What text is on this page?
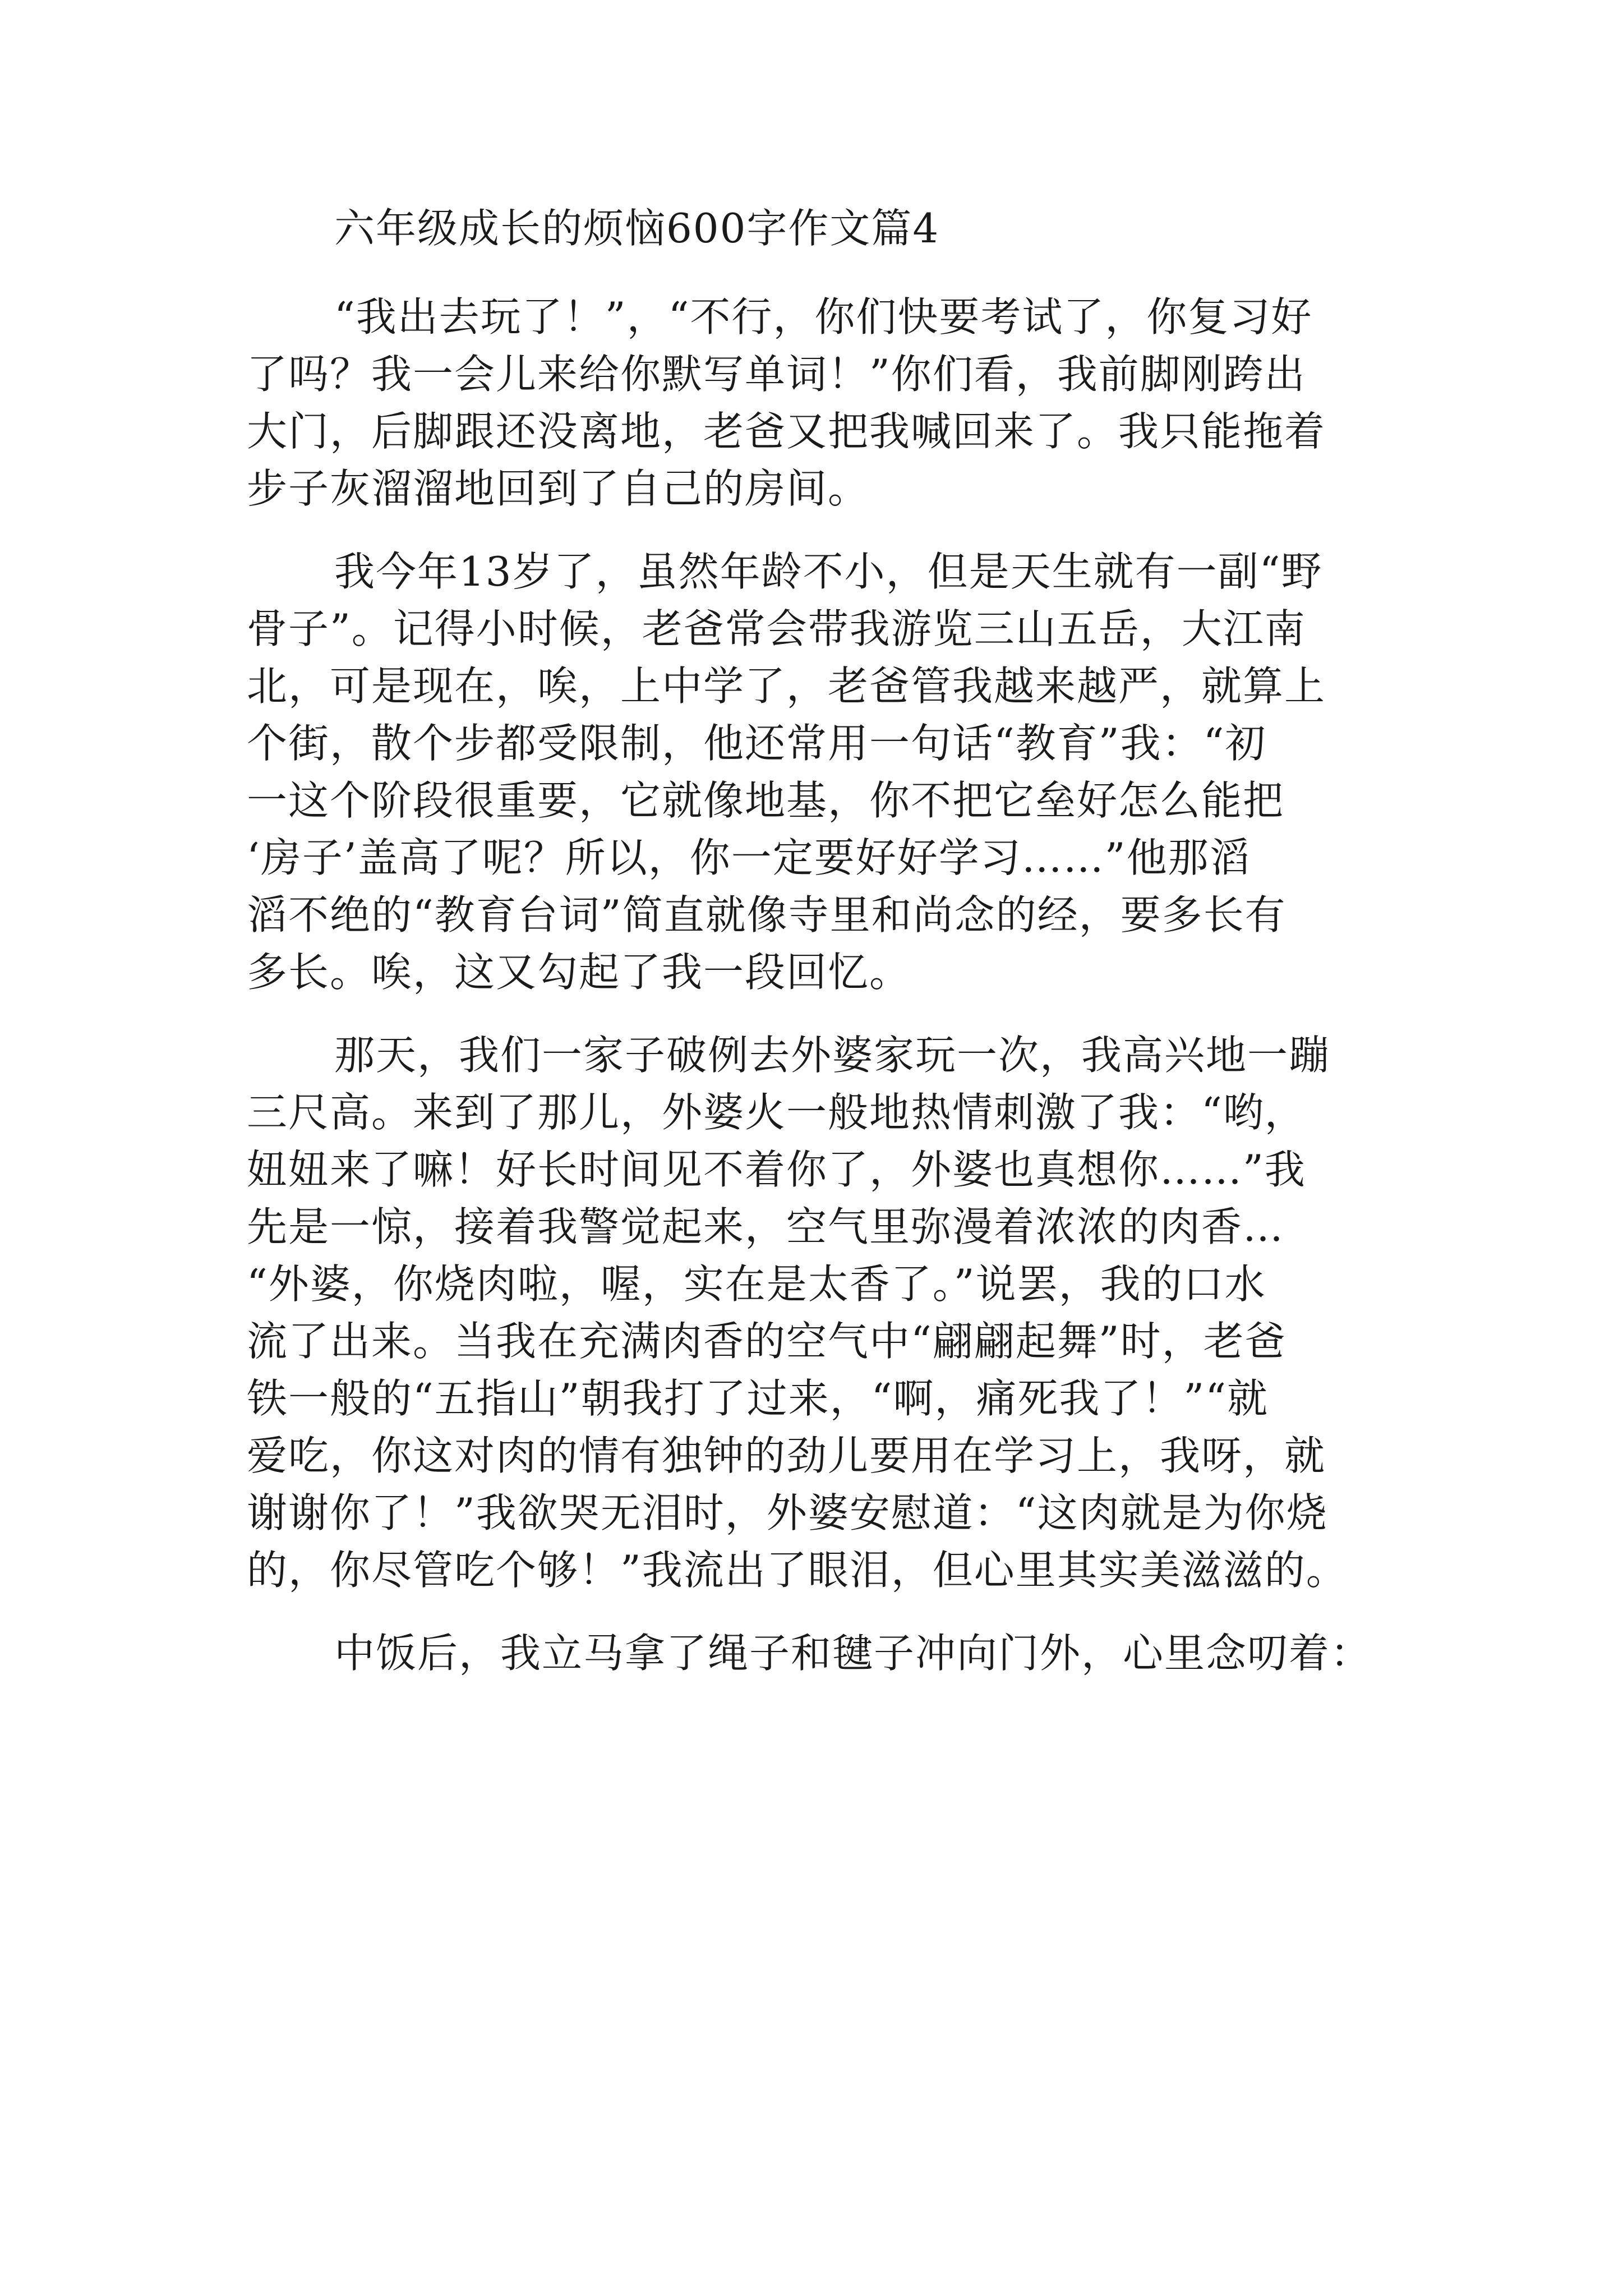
六年级成长的烦恼600字作文篇4
“我出去玩了！”，“不行，你们快要考试了，你复习好
了吗？我一会儿来给你默写单词！”你们看，我前脚刚跨出
大门，后脚跟还没离地，老爸又把我喊回来了。我只能拖着
步子灰溜溜地回到了自己的房间。
我今年13岁了，虽然年龄不小，但是天生就有一副“野
骨子”。记得小时候，老爸常会带我游览三山五岳，大江南
北，可是现在，唉，上中学了，老爸管我越来越严，就算上
个街，散个步都受限制，他还常用一句话“教育”我：“初
一这个阶段很重要，它就像地基，你不把它垒好怎么能把
‘房子’盖高了呢？所以，你一定要好好学习……”他那滔
滔不绝的“教育台词”简直就像寺里和尚念的经，要多长有
多长。唉，这又勾起了我一段回忆。
那天，我们一家子破例去外婆家玩一次，我高兴地一蹦
三尺高。来到了那儿，外婆火一般地热情刺激了我：“哟，
妞妞来了嘛！好长时间见不着你了，外婆也真想你……”我
先是一惊，接着我警觉起来，空气里弥漫着浓浓的肉香…
“外婆，你烧肉啦，喔，实在是太香了。”说罢，我的口水
流了出来。当我在充满肉香的空气中“翩翩起舞”时，老爸
铁一般的“五指山”朝我打了过来，“啊，痛死我了！”“就
爱吃，你这对肉的情有独钟的劲儿要用在学习上，我呀，就
谢谢你了！”我欲哭无泪时，外婆安慰道：“这肉就是为你烧
的，你尽管吃个够！”我流出了眼泪，但心里其实美滋滋的。
中饭后，我立马拿了绳子和毽子冲向门外，心里念叨着：
